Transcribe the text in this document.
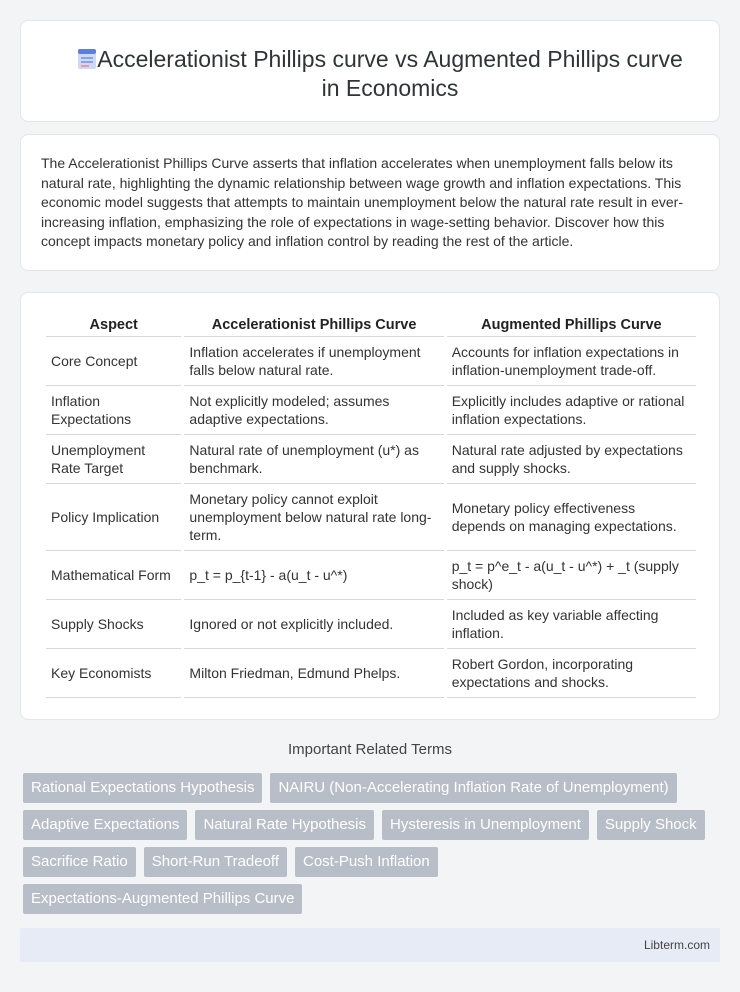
Accelerationist Phillips curve vs Augmented Phillips curve in Economics

The Accelerationist Phillips Curve asserts that inflation accelerates when unemployment falls below its natural rate, highlighting the dynamic relationship between wage growth and inflation expectations. This economic model suggests that attempts to maintain unemployment below the natural rate result in ever-increasing inflation, emphasizing the role of expectations in wage-setting behavior. Discover how this concept impacts monetary policy and inflation control by reading the rest of the article.

Aspect	Accelerationist Phillips Curve	Augmented Phillips Curve
Core Concept	Inflation accelerates if unemployment falls below natural rate.	Accounts for inflation expectations in inflation-unemployment trade-off.
Inflation Expectations	Not explicitly modeled; assumes adaptive expectations.	Explicitly includes adaptive or rational inflation expectations.
Unemployment Rate Target	Natural rate of unemployment (u*) as benchmark.	Natural rate adjusted by expectations and supply shocks.
Policy Implication	Monetary policy cannot exploit unemployment below natural rate long-term.	Monetary policy effectiveness depends on managing expectations.
Mathematical Form	p_t = p_{t-1} - a(u_t - u^*)	p_t = p^e_t - a(u_t - u^*) + _t (supply shock)
Supply Shocks	Ignored or not explicitly included.	Included as key variable affecting inflation.
Key Economists	Milton Friedman, Edmund Phelps.	Robert Gordon, incorporating expectations and shocks.
Important Related Terms
Rational Expectations Hypothesis	NAIRU (Non-Accelerating Inflation Rate of Unemployment)
Adaptive Expectations	Natural Rate Hypothesis	Hysteresis in Unemployment	Supply Shock
Sacrifice Ratio	Short-Run Tradeoff	Cost-Push Inflation
Expectations-Augmented Phillips Curve
Libterm.com
